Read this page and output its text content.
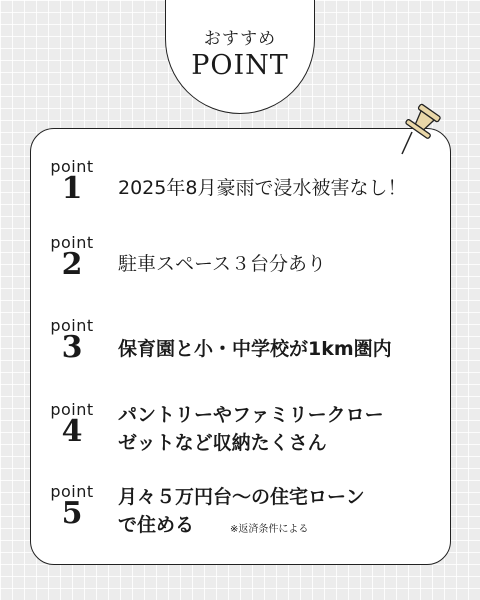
おすすめ
POINT
point
1	2025年8月豪雨で浸水被害なし！
point
2	駐車スペース３台分あり
point
3	保育園と小・中学校が1km圏内
point
4	パントリーやファミリークロー
ゼットなど収納たくさん
point
5	月々５万円台～の住宅ローン
で住める	※返済条件による
